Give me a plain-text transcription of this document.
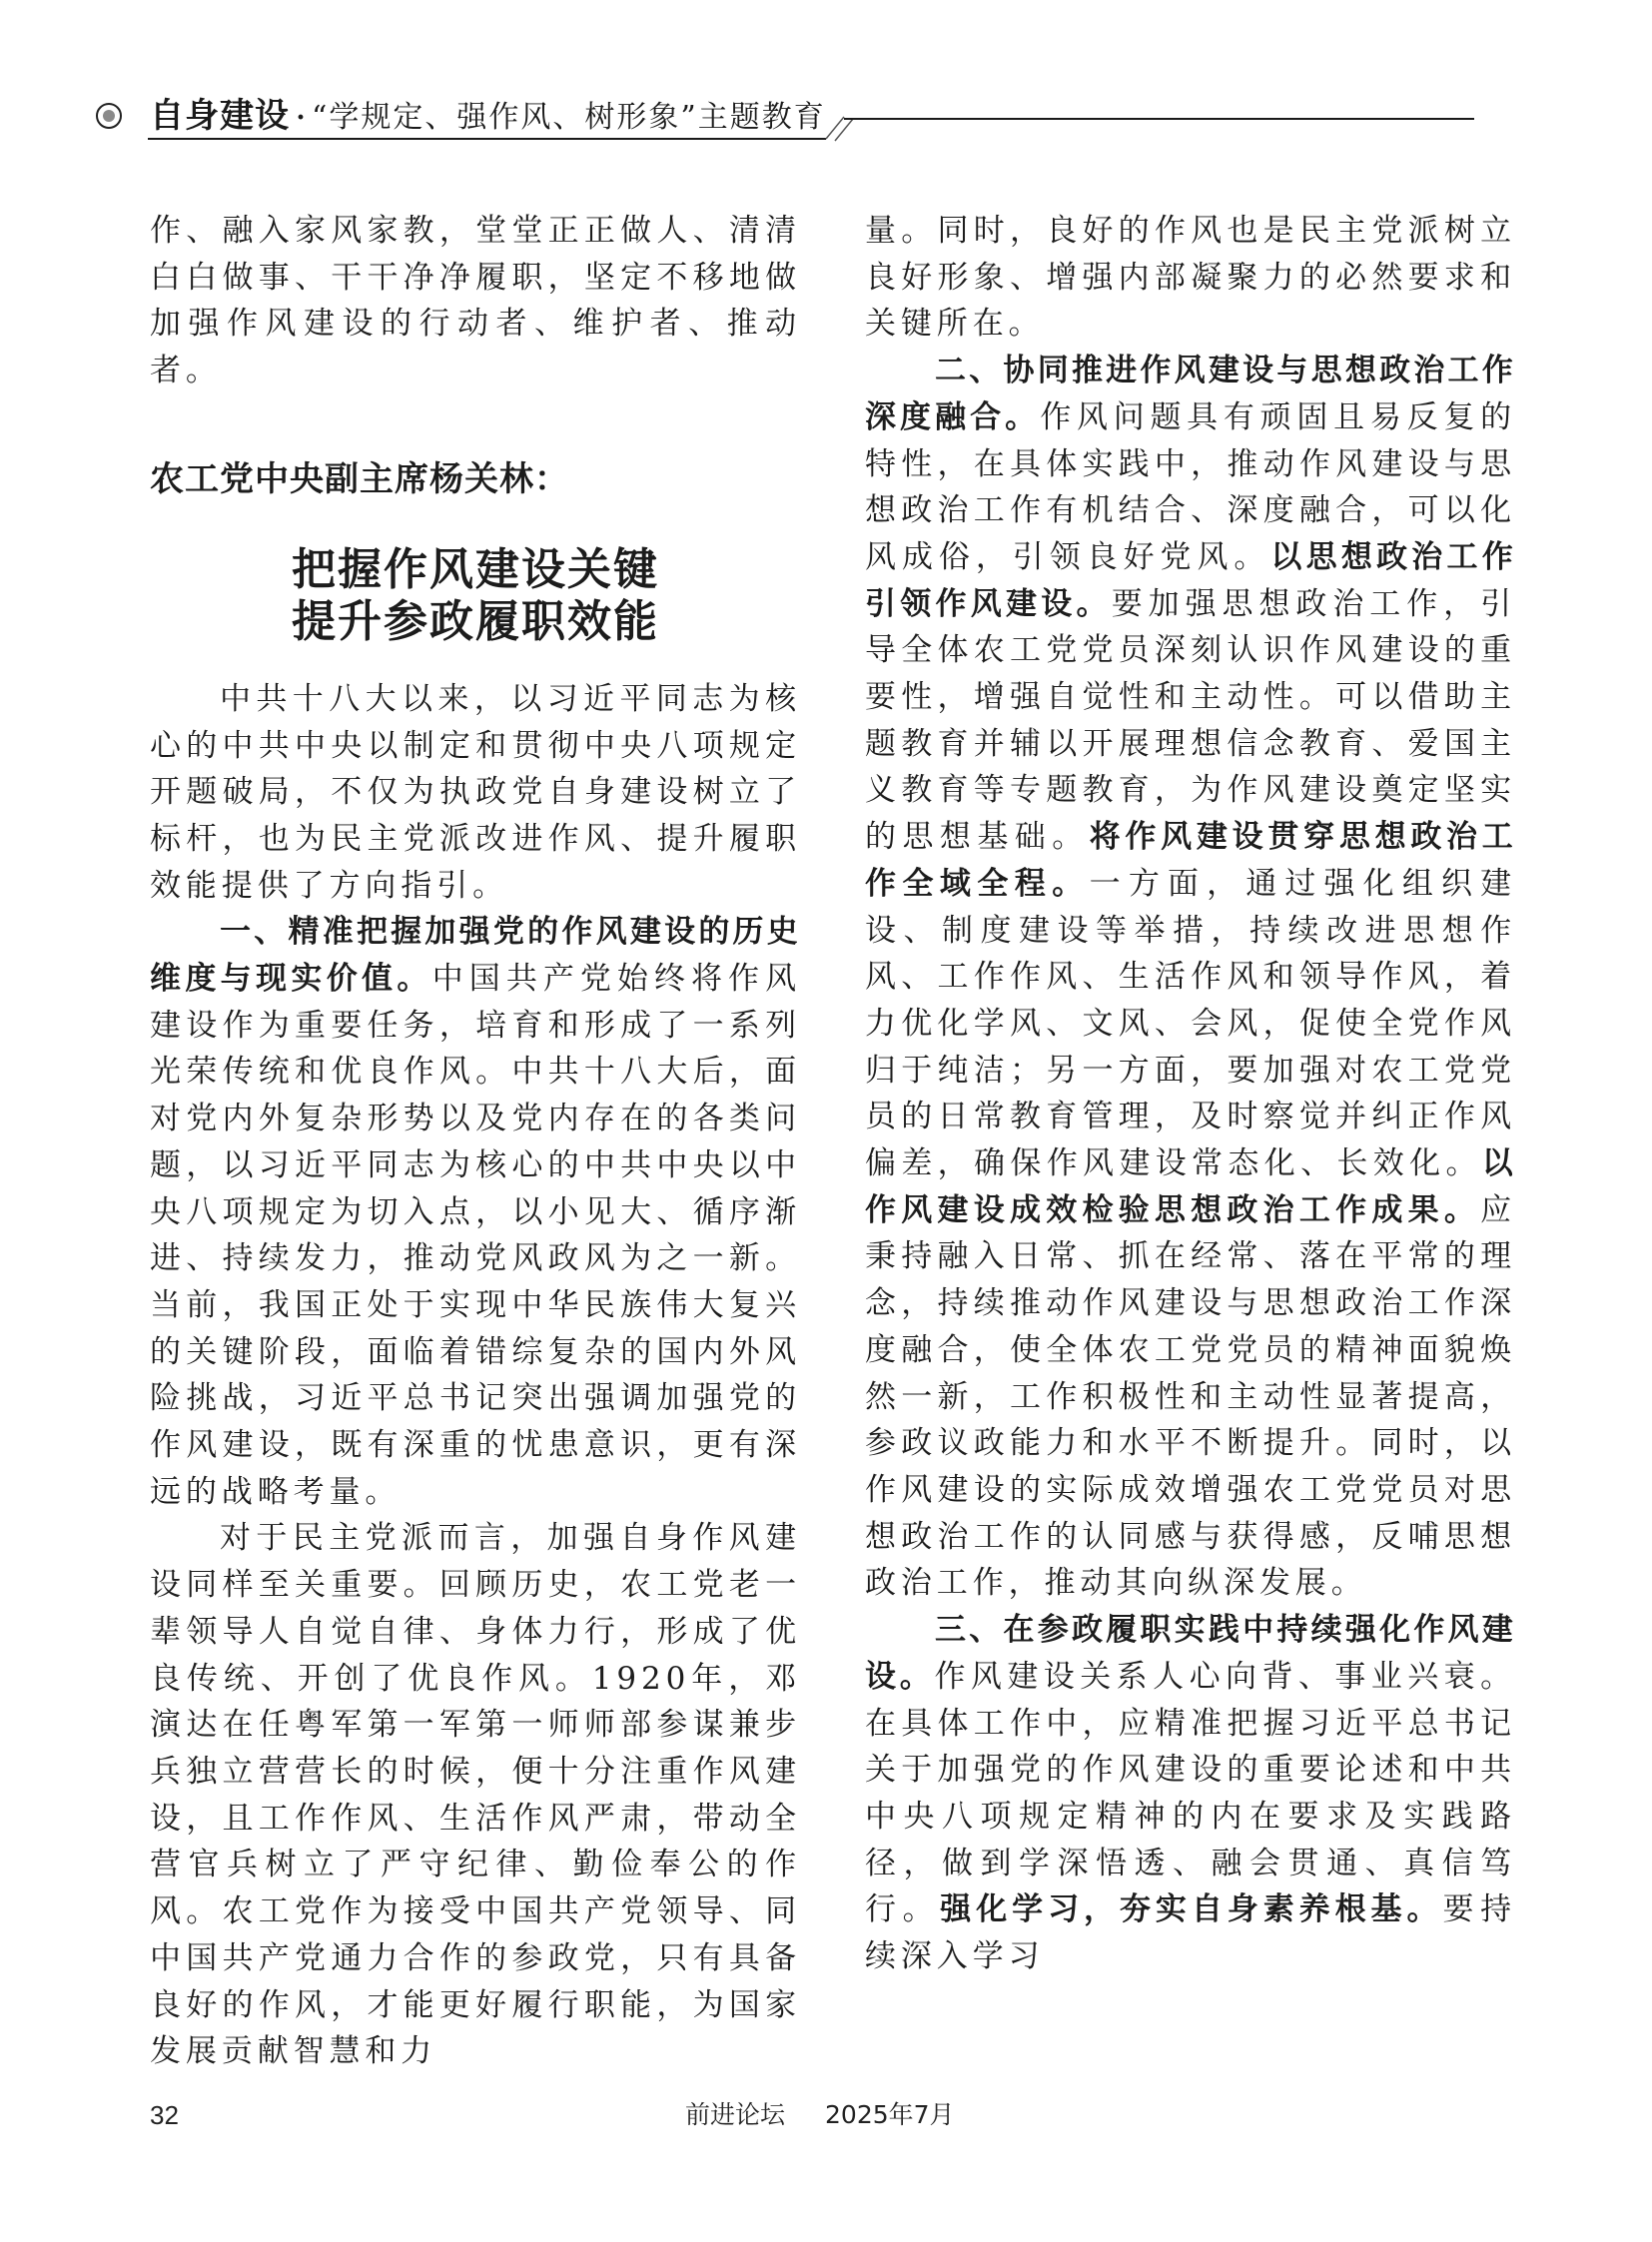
自身建设 · “学规定、强作风、树形象”主题教育

作、融入家风家教，堂堂正正做人、清清白白做事、干干净净履职，坚定不移地做加强作风建设的行动者、维护者、推动者。

农工党中央副主席杨关林：
把握作风建设关键
提升参政履职效能

中共十八大以来，以习近平同志为核心的中共中央以制定和贯彻中央八项规定开题破局，不仅为执政党自身建设树立了标杆，也为民主党派改进作风、提升履职效能提供了方向指引。

一、精准把握加强党的作风建设的历史维度与现实价值。中国共产党始终将作风建设作为重要任务，培育和形成了一系列光荣传统和优良作风。中共十八大后，面对党内外复杂形势以及党内存在的各类问题，以习近平同志为核心的中共中央以中央八项规定为切入点，以小见大、循序渐进、持续发力，推动党风政风为之一新。当前，我国正处于实现中华民族伟大复兴的关键阶段，面临着错综复杂的国内外风险挑战，习近平总书记突出强调加强党的作风建设，既有深重的忧患意识，更有深远的战略考量。

对于民主党派而言，加强自身作风建设同样至关重要。回顾历史，农工党老一辈领导人自觉自律、身体力行，形成了优良传统、开创了优良作风。1920年，邓演达在任粤军第一军第一师师部参谋兼步兵独立营营长的时候，便十分注重作风建设，且工作作风、生活作风严肃，带动全营官兵树立了严守纪律、勤俭奉公的作风。农工党作为接受中国共产党领导、同中国共产党通力合作的参政党，只有具备良好的作风，才能更好履行职能，为国家发展贡献智慧和力

量。同时，良好的作风也是民主党派树立良好形象、增强内部凝聚力的必然要求和关键所在。

二、协同推进作风建设与思想政治工作深度融合。作风问题具有顽固且易反复的特性，在具体实践中，推动作风建设与思想政治工作有机结合、深度融合，可以化风成俗，引领良好党风。以思想政治工作引领作风建设。要加强思想政治工作，引导全体农工党党员深刻认识作风建设的重要性，增强自觉性和主动性。可以借助主题教育并辅以开展理想信念教育、爱国主义教育等专题教育，为作风建设奠定坚实的思想基础。将作风建设贯穿思想政治工作全域全程。一方面，通过强化组织建设、制度建设等举措，持续改进思想作风、工作作风、生活作风和领导作风，着力优化学风、文风、会风，促使全党作风归于纯洁；另一方面，要加强对农工党党员的日常教育管理，及时察觉并纠正作风偏差，确保作风建设常态化、长效化。以作风建设成效检验思想政治工作成果。应秉持融入日常、抓在经常、落在平常的理念，持续推动作风建设与思想政治工作深度融合，使全体农工党党员的精神面貌焕然一新，工作积极性和主动性显著提高，参政议政能力和水平不断提升。同时，以作风建设的实际成效增强农工党党员对思想政治工作的认同感与获得感，反哺思想政治工作，推动其向纵深发展。

三、在参政履职实践中持续强化作风建设。作风建设关系人心向背、事业兴衰。在具体工作中，应精准把握习近平总书记关于加强党的作风建设的重要论述和中共中央八项规定精神的内在要求及实践路径，做到学深悟透、融会贯通、真信笃行。强化学习，夯实自身素养根基。要持续深入学习

32	前进论坛 2025年7月
